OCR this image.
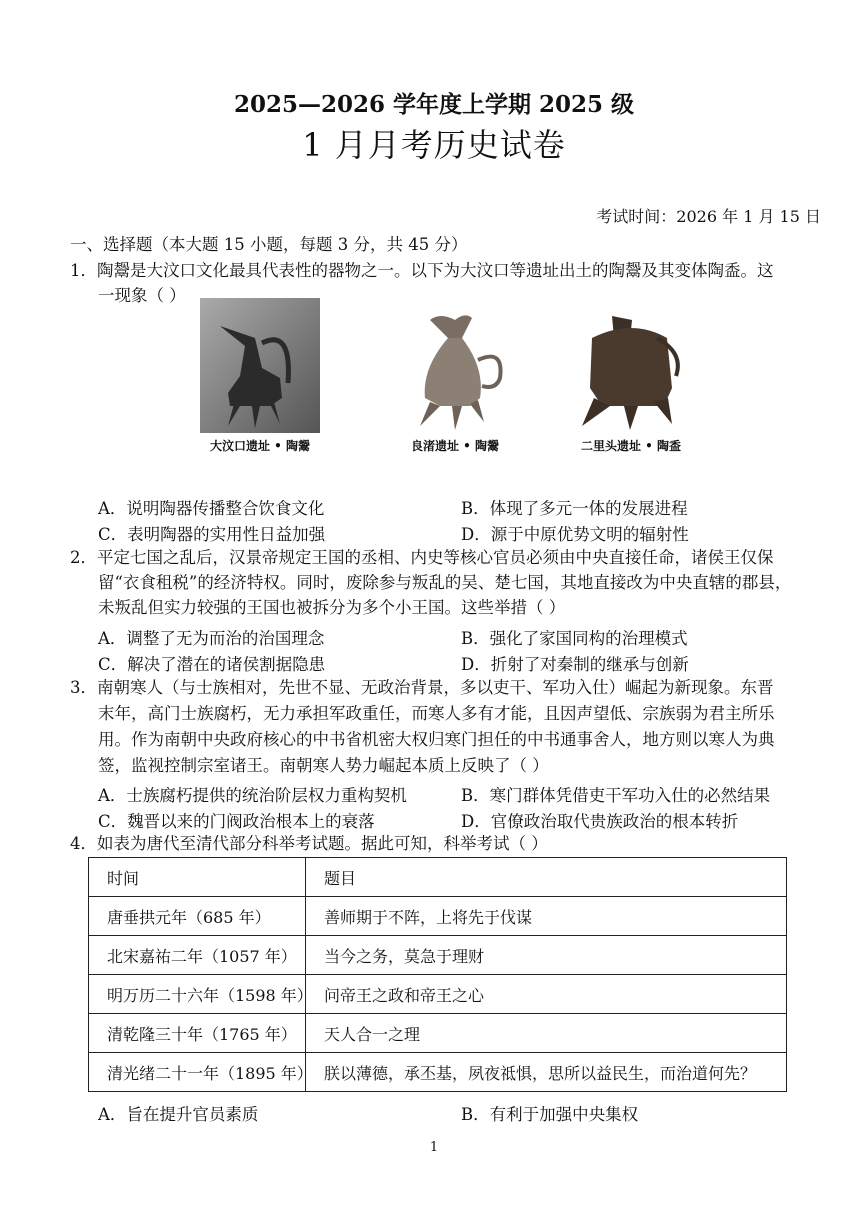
2025—2026 学年度上学期 2025 级
1 月月考历史试卷
考试时间：2026 年 1 月 15 日
一、选择题（本大题 15 小题，每题 3 分，共 45 分）
1．陶鬶是大汶口文化最具代表性的器物之一。以下为大汶口等遗址出土的陶鬶及其变体陶盉。这
一现象（ ）
大汶口遗址 • 陶鬶	良渚遗址 • 陶鬶	二里头遗址 • 陶盉
A．说明陶器传播整合饮食文化	B．体现了多元一体的发展进程
C．表明陶器的实用性日益加强	D．源于中原优势文明的辐射性
2．平定七国之乱后，汉景帝规定王国的丞相、内史等核心官员必须由中央直接任命，诸侯王仅保
留“衣食租税”的经济特权。同时，废除参与叛乱的吴、楚七国，其地直接改为中央直辖的郡县，
未叛乱但实力较强的王国也被拆分为多个小王国。这些举措（ ）
A．调整了无为而治的治国理念	B．强化了家国同构的治理模式
C．解决了潜在的诸侯割据隐患	D．折射了对秦制的继承与创新
3．南朝寒人（与士族相对，先世不显、无政治背景，多以吏干、军功入仕）崛起为新现象。东晋
末年，高门士族腐朽，无力承担军政重任，而寒人多有才能，且因声望低、宗族弱为君主所乐
用。作为南朝中央政府核心的中书省机密大权归寒门担任的中书通事舍人，地方则以寒人为典
签，监视控制宗室诸王。南朝寒人势力崛起本质上反映了（ ）
A．士族腐朽提供的统治阶层权力重构契机	B．寒门群体凭借吏干军功入仕的必然结果
C．魏晋以来的门阀政治根本上的衰落	D．官僚政治取代贵族政治的根本转折
4．如表为唐代至清代部分科举考试题。据此可知，科举考试（ ）
时间	题目
唐垂拱元年（685 年）	善师期于不阵，上将先于伐谋
北宋嘉祐二年（1057 年）	当今之务，莫急于理财
明万历二十六年（1598 年）	问帝王之政和帝王之心
清乾隆三十年（1765 年）	天人合一之理
清光绪二十一年（1895 年）	朕以薄德，承丕基，夙夜祗惧，思所以益民生，而治道何先？
A．旨在提升官员素质	B．有利于加强中央集权
1
